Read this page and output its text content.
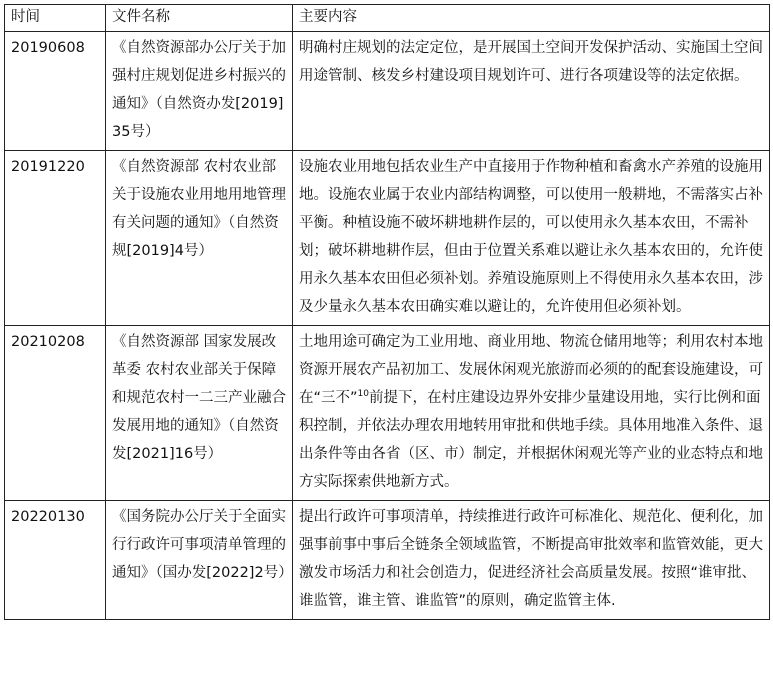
时间	文件名称	主要内容
20190608	《自然资源部办公厅关于加强村庄规划促进乡村振兴的通知》（自然资办发[2019]35号）	明确村庄规划的法定定位，是开展国土空间开发保护活动、实施国土空间用途管制、核发乡村建设项目规划许可、进行各项建设等的法定依据。
20191220	《自然资源部 农村农业部关于设施农业用地用地管理有关问题的通知》（自然资规[2019]4号）	设施农业用地包括农业生产中直接用于作物种植和畜禽水产养殖的设施用地。设施农业属于农业内部结构调整，可以使用一般耕地，不需落实占补平衡。种植设施不破坏耕地耕作层的，可以使用永久基本农田，不需补划；破坏耕地耕作层，但由于位置关系难以避让永久基本农田的，允许使用永久基本农田但必须补划。养殖设施原则上不得使用永久基本农田，涉及少量永久基本农田确实难以避让的，允许使用但必须补划。
20210208	《自然资源部 国家发展改革委 农村农业部关于保障和规范农村一二三产业融合发展用地的通知》（自然资发[2021]16号）	土地用途可确定为工业用地、商业用地、物流仓储用地等；利用农村本地资源开展农产品初加工、发展休闲观光旅游而必须的的配套设施建设，可在“三不”$^{10}$前提下，在村庄建设边界外安排少量建设用地，实行比例和面积控制，并依法办理农用地转用审批和供地手续。具体用地准入条件、退出条件等由各省（区、市）制定，并根据休闲观光等产业的业态特点和地方实际探索供地新方式。
20220130	《国务院办公厅关于全面实行行政许可事项清单管理的通知》（国办发[2022]2号）	提出行政许可事项清单，持续推进行政许可标准化、规范化、便利化，加强事前事中事后全链条全领域监管，不断提高审批效率和监管效能，更大激发市场活力和社会创造力，促进经济社会高质量发展。按照“谁审批、谁监管，谁主管、谁监管”的原则，确定监管主体.
